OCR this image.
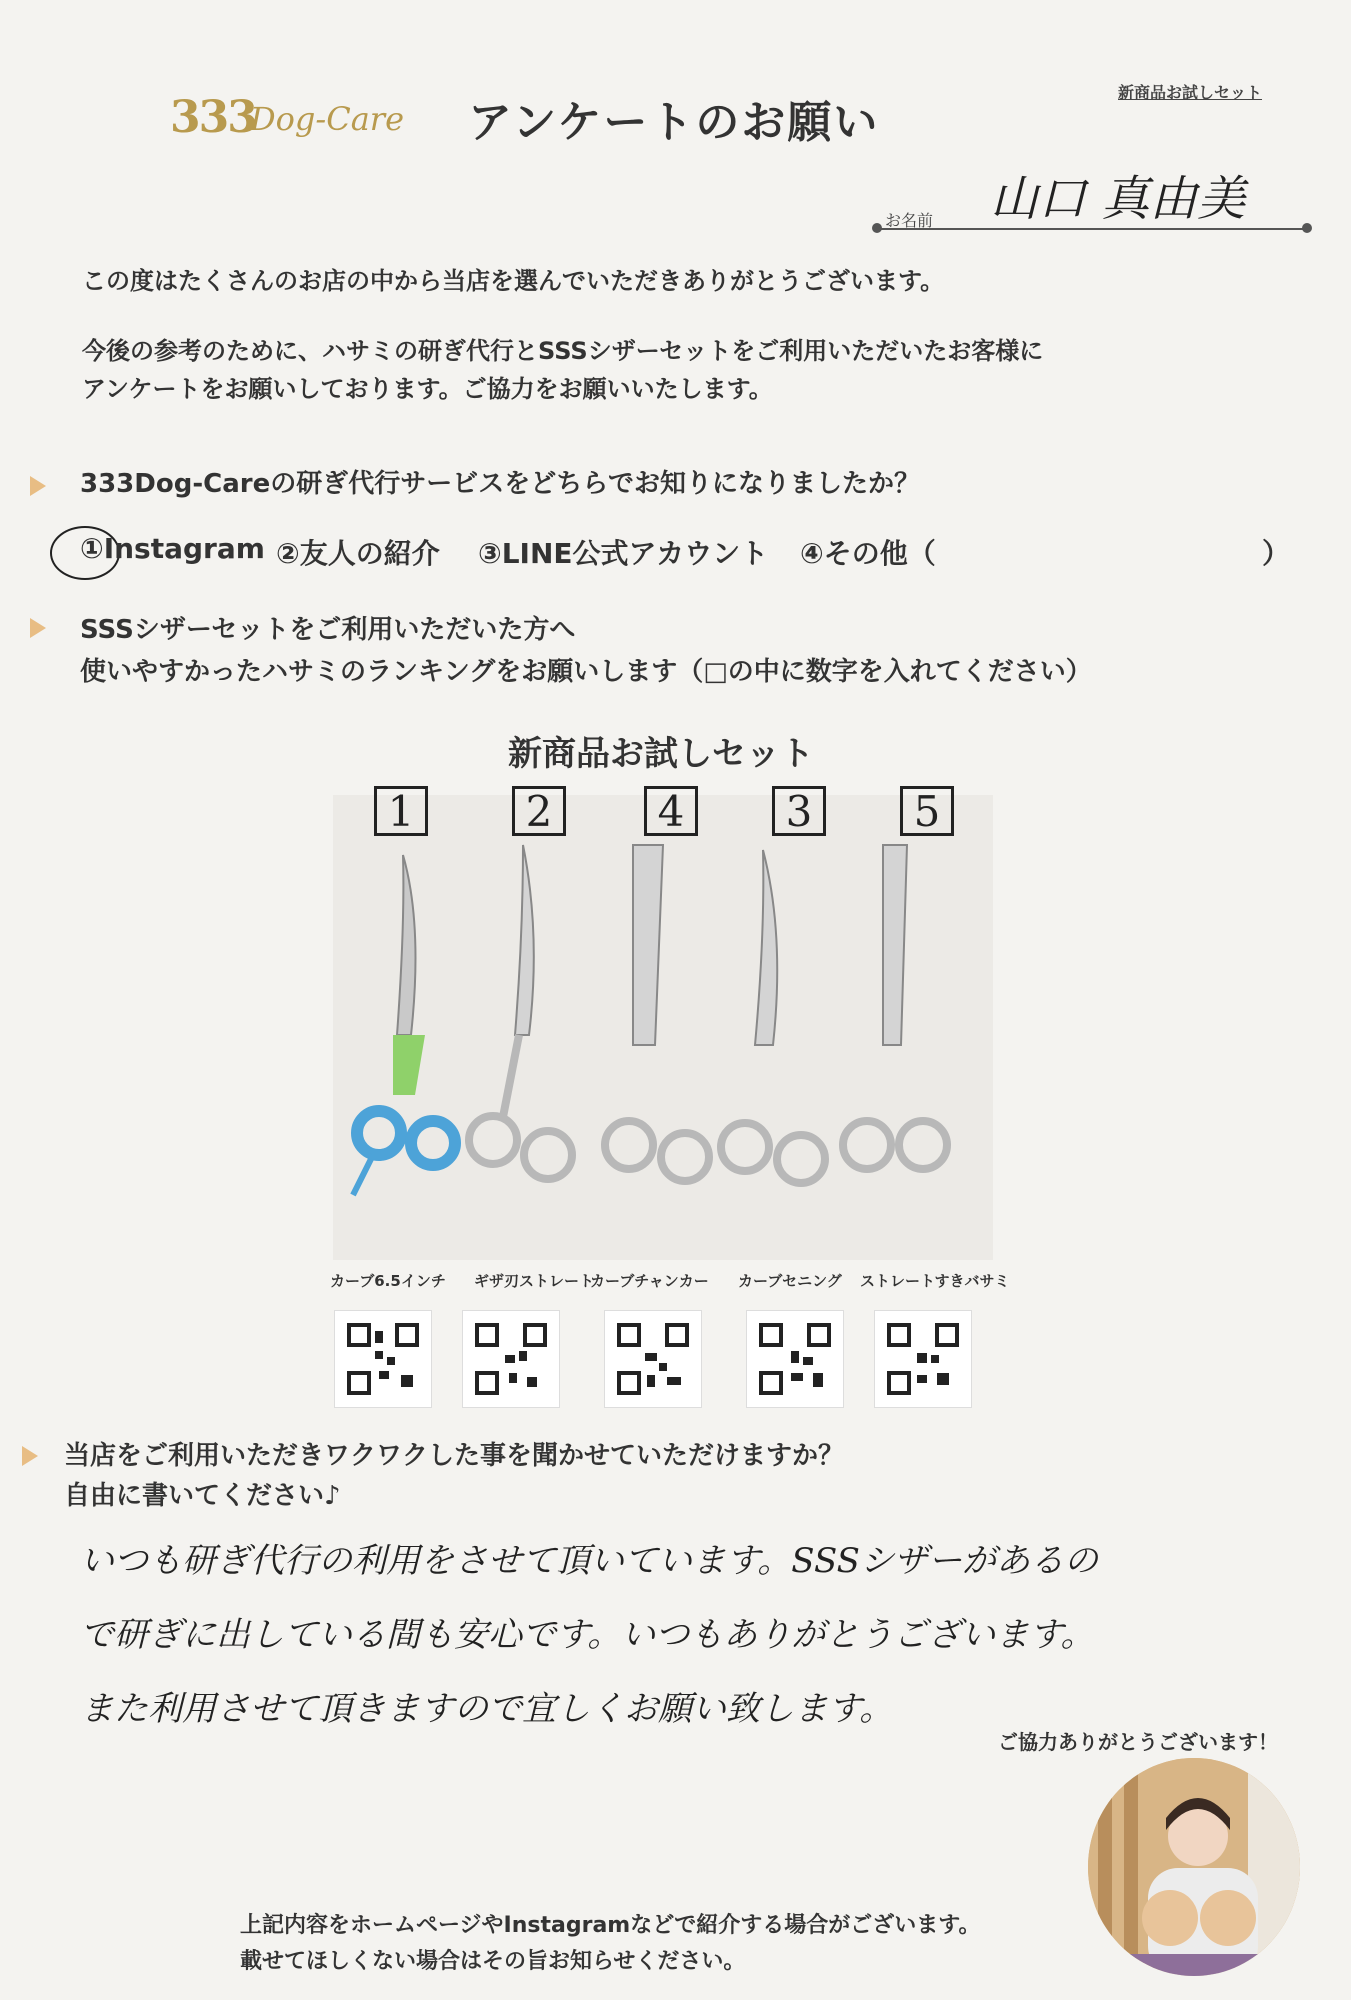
333
Dog-Care アンケートのお願い
新商品お試しセット
お名前 山口 真由美
この度はたくさんのお店の中から当店を選んでいただきありがとうございます。
今後の参考のために、ハサミの研ぎ代行とSSSシザーセットをご利用いただいたお客様に
アンケートをお願いしております。ご協力をお願いいたします。
333Dog-Careの研ぎ代行サービスをどちらでお知りになりましたか？
①Instagram ②友人の紹介 ③LINE公式アカウント ④その他（	）
SSSシザーセットをご利用いただいた方へ
使いやすかったハサミのランキングをお願いします（□の中に数字を入れてください）
新商品お試しセット
1	2	4	3	5
カーブ6.5インチ ギザ刃ストレート
カーブチャンカー カーブセニング ストレートすきバサミ
当店をご利用いただきワクワクした事を聞かせていただけますか？
自由に書いてください♪
いつも研ぎ代行の利用をさせて頂いています。SSSシザーがあるの
で研ぎに出している間も安心です。いつもありがとうございます。
また利用させて頂きますので宜しくお願い致します。
ご協力ありがとうございます！
上記内容をホームページやInstagramなどで紹介する場合がございます。
載せてほしくない場合はその旨お知らせください。
